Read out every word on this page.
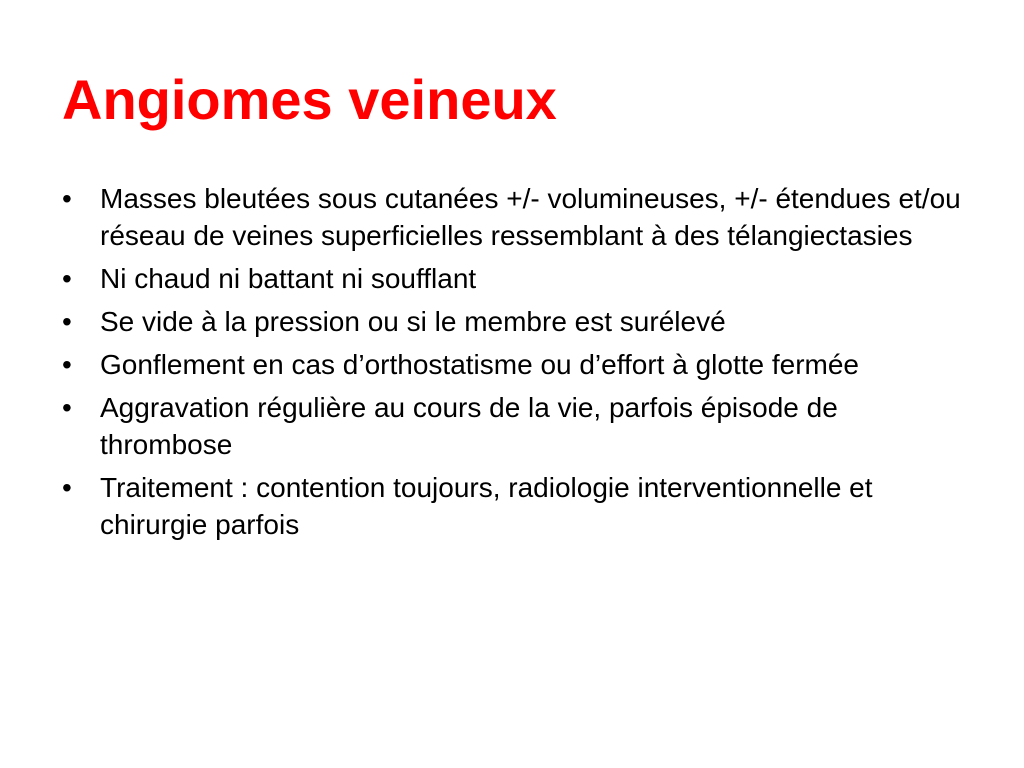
Angiomes veineux
•	Masses bleutées sous cutanées +/- volumineuses, +/- étendues et/ou réseau de veines superficielles ressemblant à des télangiectasies
•	Ni chaud ni battant ni soufflant
•	Se vide à la pression ou si le membre est surélevé
•	Gonflement en cas d’orthostatisme ou d’effort à glotte fermée
•	Aggravation régulière au cours de la vie, parfois épisode de thrombose
•	Traitement : contention toujours, radiologie interventionnelle et chirurgie parfois
